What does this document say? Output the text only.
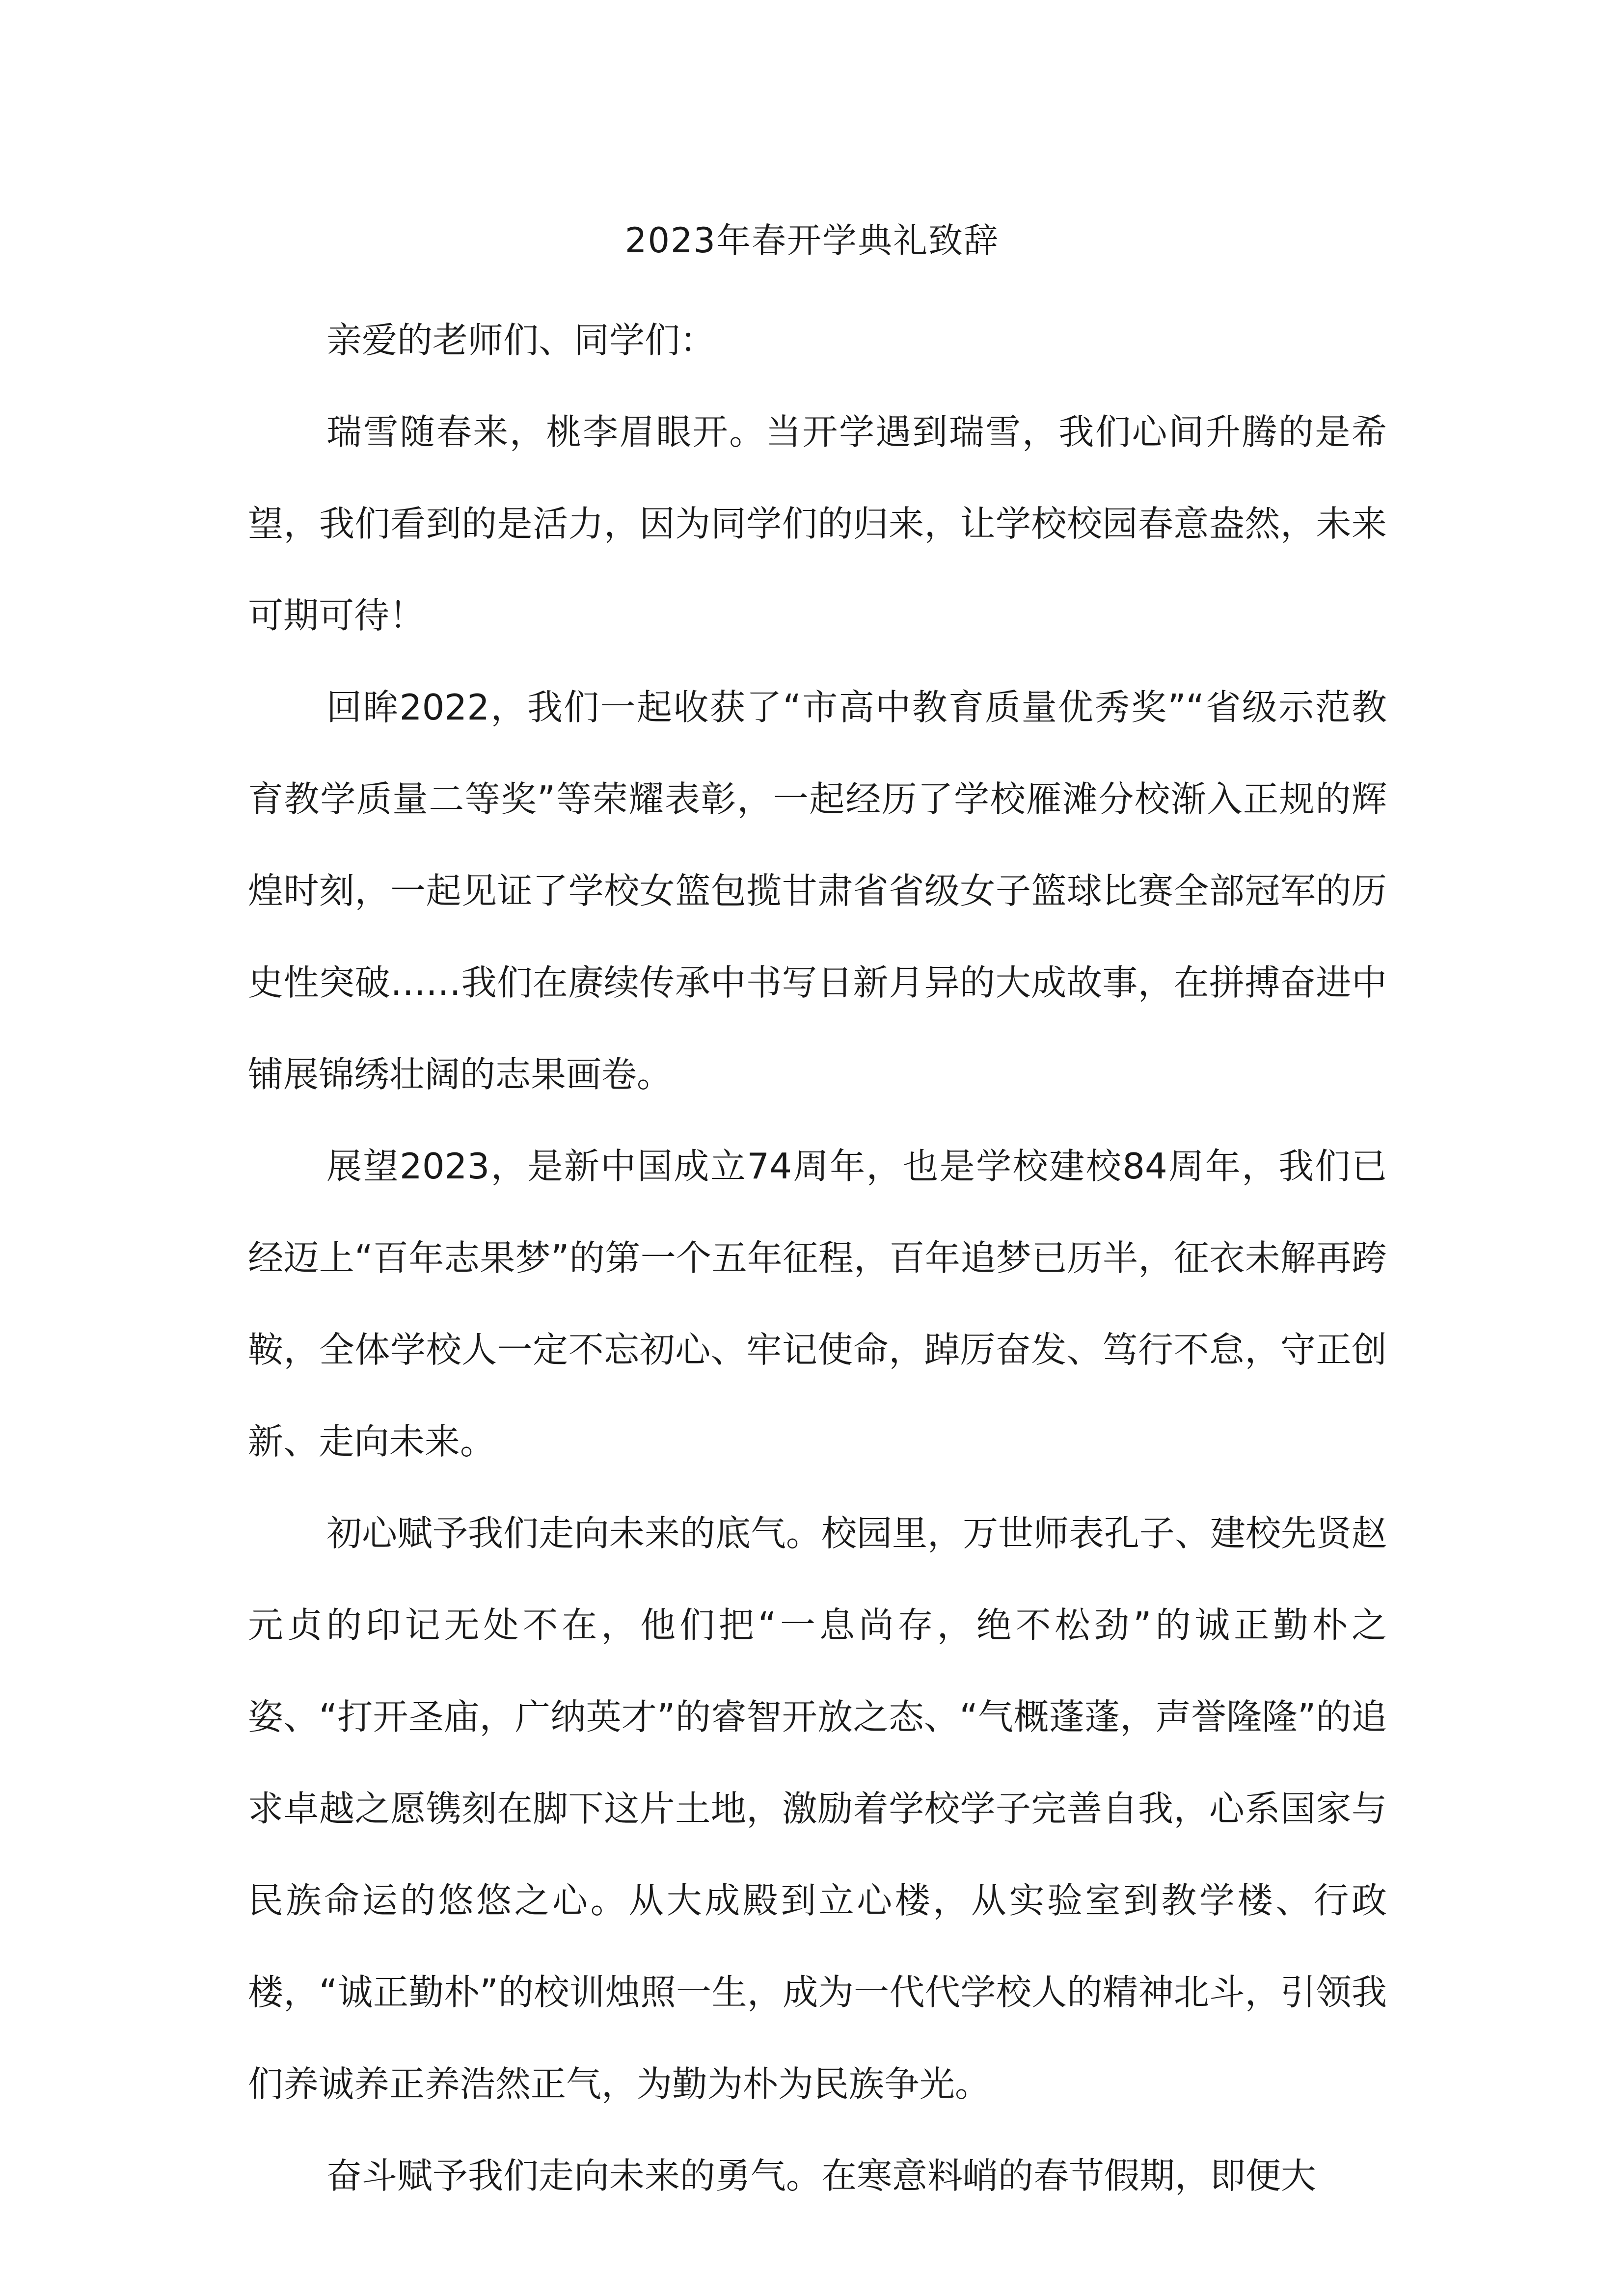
2023年春开学典礼致辞

亲爱的老师们、同学们：

瑞雪随春来，桃李眉眼开。当开学遇到瑞雪，我们心间升腾的是希望，我们看到的是活力，因为同学们的归来，让学校校园春意盎然，未来可期可待！

回眸2022，我们一起收获了“市高中教育质量优秀奖”“省级示范教育教学质量二等奖”等荣耀表彰，一起经历了学校雁滩分校渐入正规的辉煌时刻，一起见证了学校女篮包揽甘肃省省级女子篮球比赛全部冠军的历史性突破……我们在赓续传承中书写日新月异的大成故事，在拼搏奋进中铺展锦绣壮阔的志果画卷。

展望2023，是新中国成立74周年，也是学校建校84周年，我们已经迈上“百年志果梦”的第一个五年征程，百年追梦已历半，征衣未解再跨鞍，全体学校人一定不忘初心、牢记使命，踔厉奋发、笃行不怠，守正创新、走向未来。

初心赋予我们走向未来的底气。校园里，万世师表孔子、建校先贤赵元贞的印记无处不在，他们把“一息尚存，绝不松劲”的诚正勤朴之姿、“打开圣庙，广纳英才”的睿智开放之态、“气概蓬蓬，声誉隆隆”的追求卓越之愿镌刻在脚下这片土地，激励着学校学子完善自我，心系国家与民族命运的悠悠之心。从大成殿到立心楼，从实验室到教学楼、行政楼，“诚正勤朴”的校训烛照一生，成为一代代学校人的精神北斗，引领我们养诚养正养浩然正气，为勤为朴为民族争光。

奋斗赋予我们走向未来的勇气。在寒意料峭的春节假期，即便大
